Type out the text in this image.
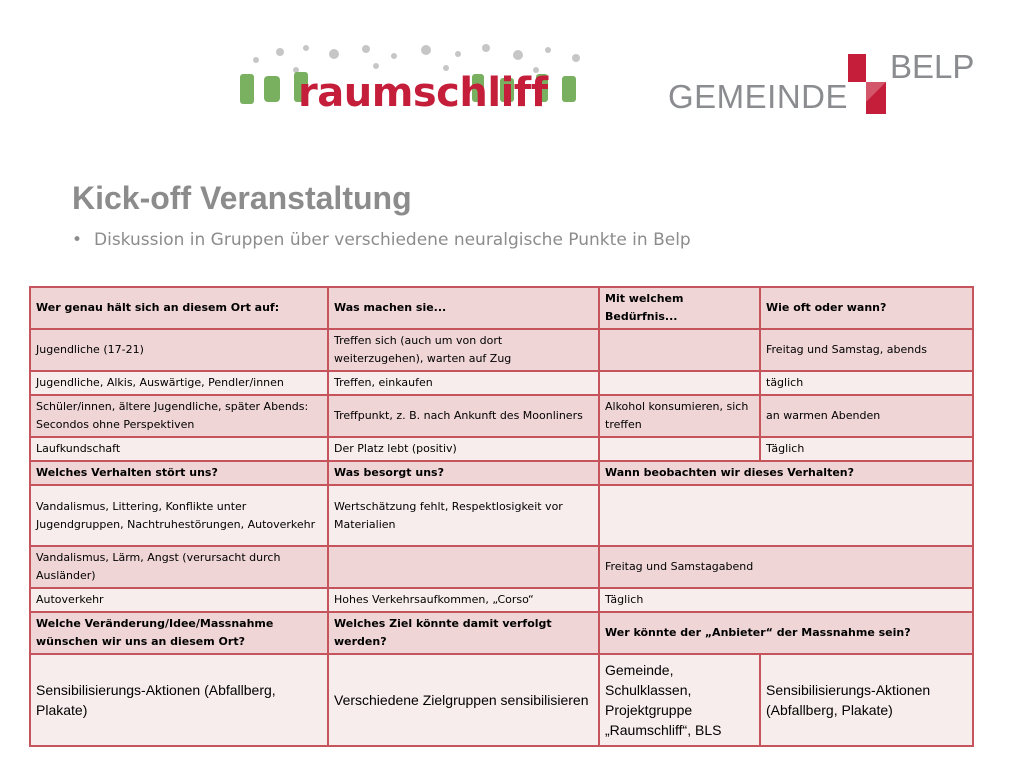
raumschliff	GEMEINDE
BELP
Kick-off Veranstaltung
• Diskussion in Gruppen über verschiedene neuralgische Punkte in Belp
Wer genau hält sich an diesem Ort auf:	Was machen sie...	Mit welchem Bedürfnis...	Wie oft oder wann?
Jugendliche (17-21)	Treffen sich (auch um von dort weiterzugehen), warten auf Zug		Freitag und Samstag, abends
Jugendliche, Alkis, Auswärtige, Pendler/innen	Treffen, einkaufen		täglich
Schüler/innen, ältere Jugendliche, später Abends: Secondos ohne Perspektiven	Treffpunkt, z. B. nach Ankunft des Moonliners	Alkohol konsumieren, sich treffen	an warmen Abenden
Laufkundschaft	Der Platz lebt (positiv)		Täglich
Welches Verhalten stört uns?	Was besorgt uns?	Wann beobachten wir dieses Verhalten?	
Vandalismus, Littering, Konflikte unter Jugendgruppen, Nachtruhestörungen, Autoverkehr	Wertschätzung fehlt, Respektlosigkeit vor Materialien		
Vandalismus, Lärm, Angst (verursacht durch Ausländer)		Freitag und Samstagabend	
Autoverkehr	Hohes Verkehrsaufkommen, „Corso“	Täglich	
Welche Veränderung/Idee/Massnahme wünschen wir uns an diesem Ort?	Welches Ziel könnte damit verfolgt werden?	Wer könnte der „Anbieter“ der Massnahme sein?	
Sensibilisierungs-Aktionen (Abfallberg, Plakate)	Verschiedene Zielgruppen sensibilisieren	Gemeinde, Schulklassen, Projektgruppe „Raumschliff“, BLS	Sensibilisierungs-Aktionen (Abfallberg, Plakate)
